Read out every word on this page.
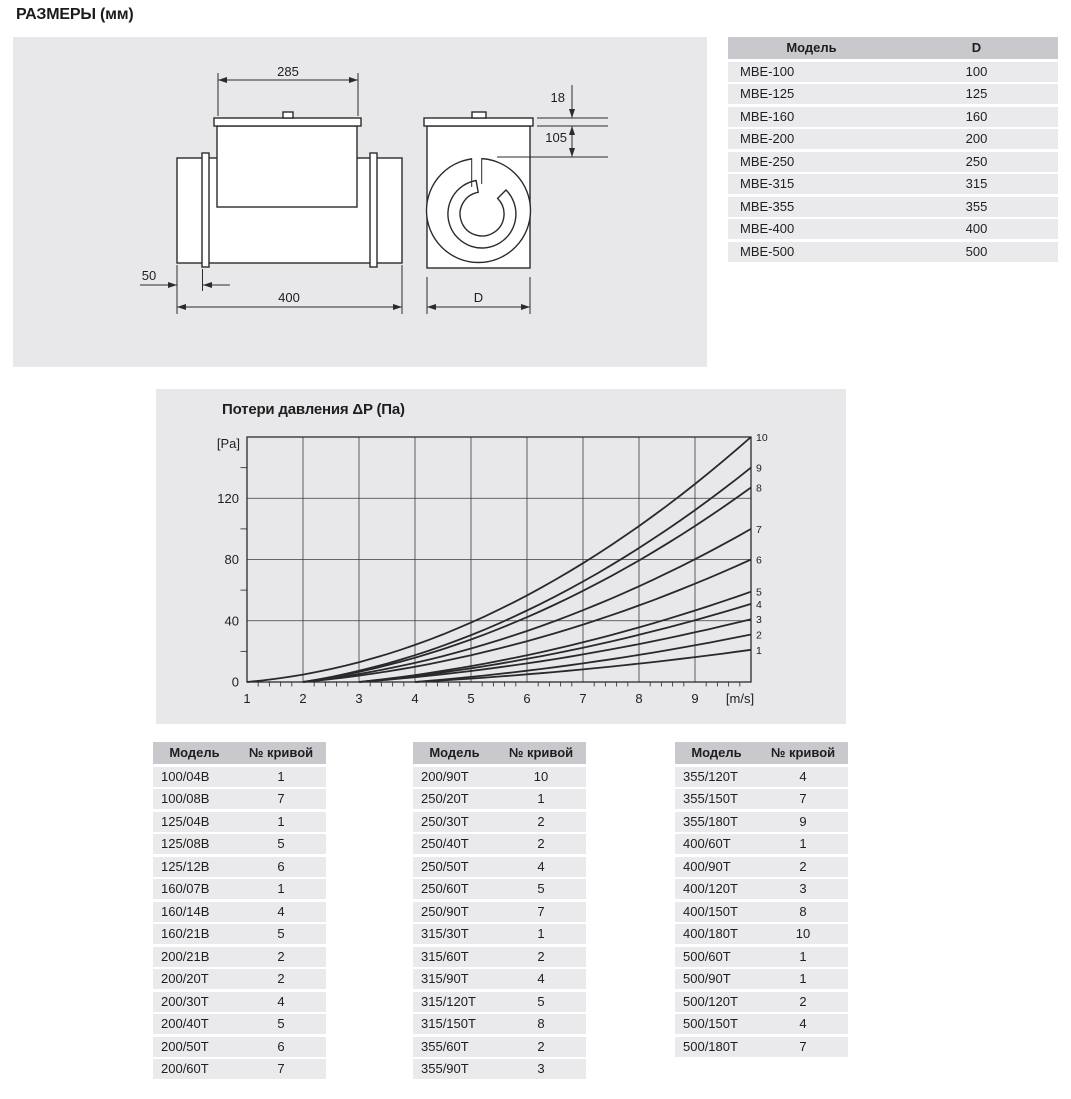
РАЗМЕРЫ (мм)
285
50
400
18
105
D
Модель	D
MBE-100	100
MBE-125	125
MBE-160	160
MBE-200	200
MBE-250	250
MBE-315	315
MBE-355	355
MBE-400	400
MBE-500	500
Потери давления ΔP (Па)
1	2	3	4	5	6	7	8	9 [m/s]
0
40
80
120
[Pa]
1
2
3
4
5
6
7
8
9
10
Модель	№ кривой
100/04B	1
100/08B	7
125/04B	1
125/08B	5
125/12B	6
160/07B	1
160/14B	4
160/21B	5
200/21B	2
200/20T	2
200/30T	4
200/40T	5
200/50T	6
200/60T	7
Модель	№ кривой
200/90T	10
250/20T	1
250/30T	2
250/40T	2
250/50T	4
250/60T	5
250/90T	7
315/30T	1
315/60T	2
315/90T	4
315/120T	5
315/150T	8
355/60T	2
355/90T	3
Модель	№ кривой
355/120T	4
355/150T	7
355/180T	9
400/60T	1
400/90T	2
400/120T	3
400/150T	8
400/180T	10
500/60T	1
500/90T	1
500/120T	2
500/150T	4
500/180T	7
